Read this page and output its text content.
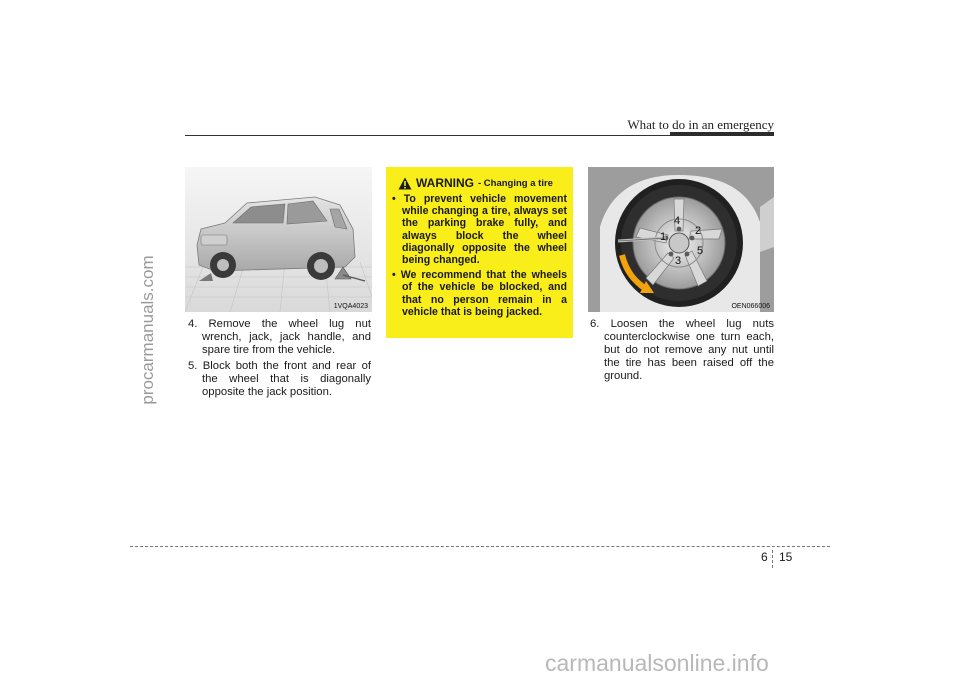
procarmanuals.com
What to do in an emergency
1VQA4023
4. Remove the wheel lug nut wrench, jack, jack handle, and spare tire from the vehicle.
5. Block both the front and rear of the wheel that is diagonally opposite the jack position.
WARNING - Changing a tire
• To prevent vehicle movement while changing a tire, always set the parking brake fully, and always block the wheel diagonally opposite the wheel being changed.
• We recommend that the wheels of the vehicle be blocked, and that no person remain in a vehicle that is being jacked.
4
2
1
5
3
OEN066006
6. Loosen the wheel lug nuts counterclockwise one turn each, but do not remove any nut until the tire has been raised off the ground.
6 15
carmanualsonline.info
